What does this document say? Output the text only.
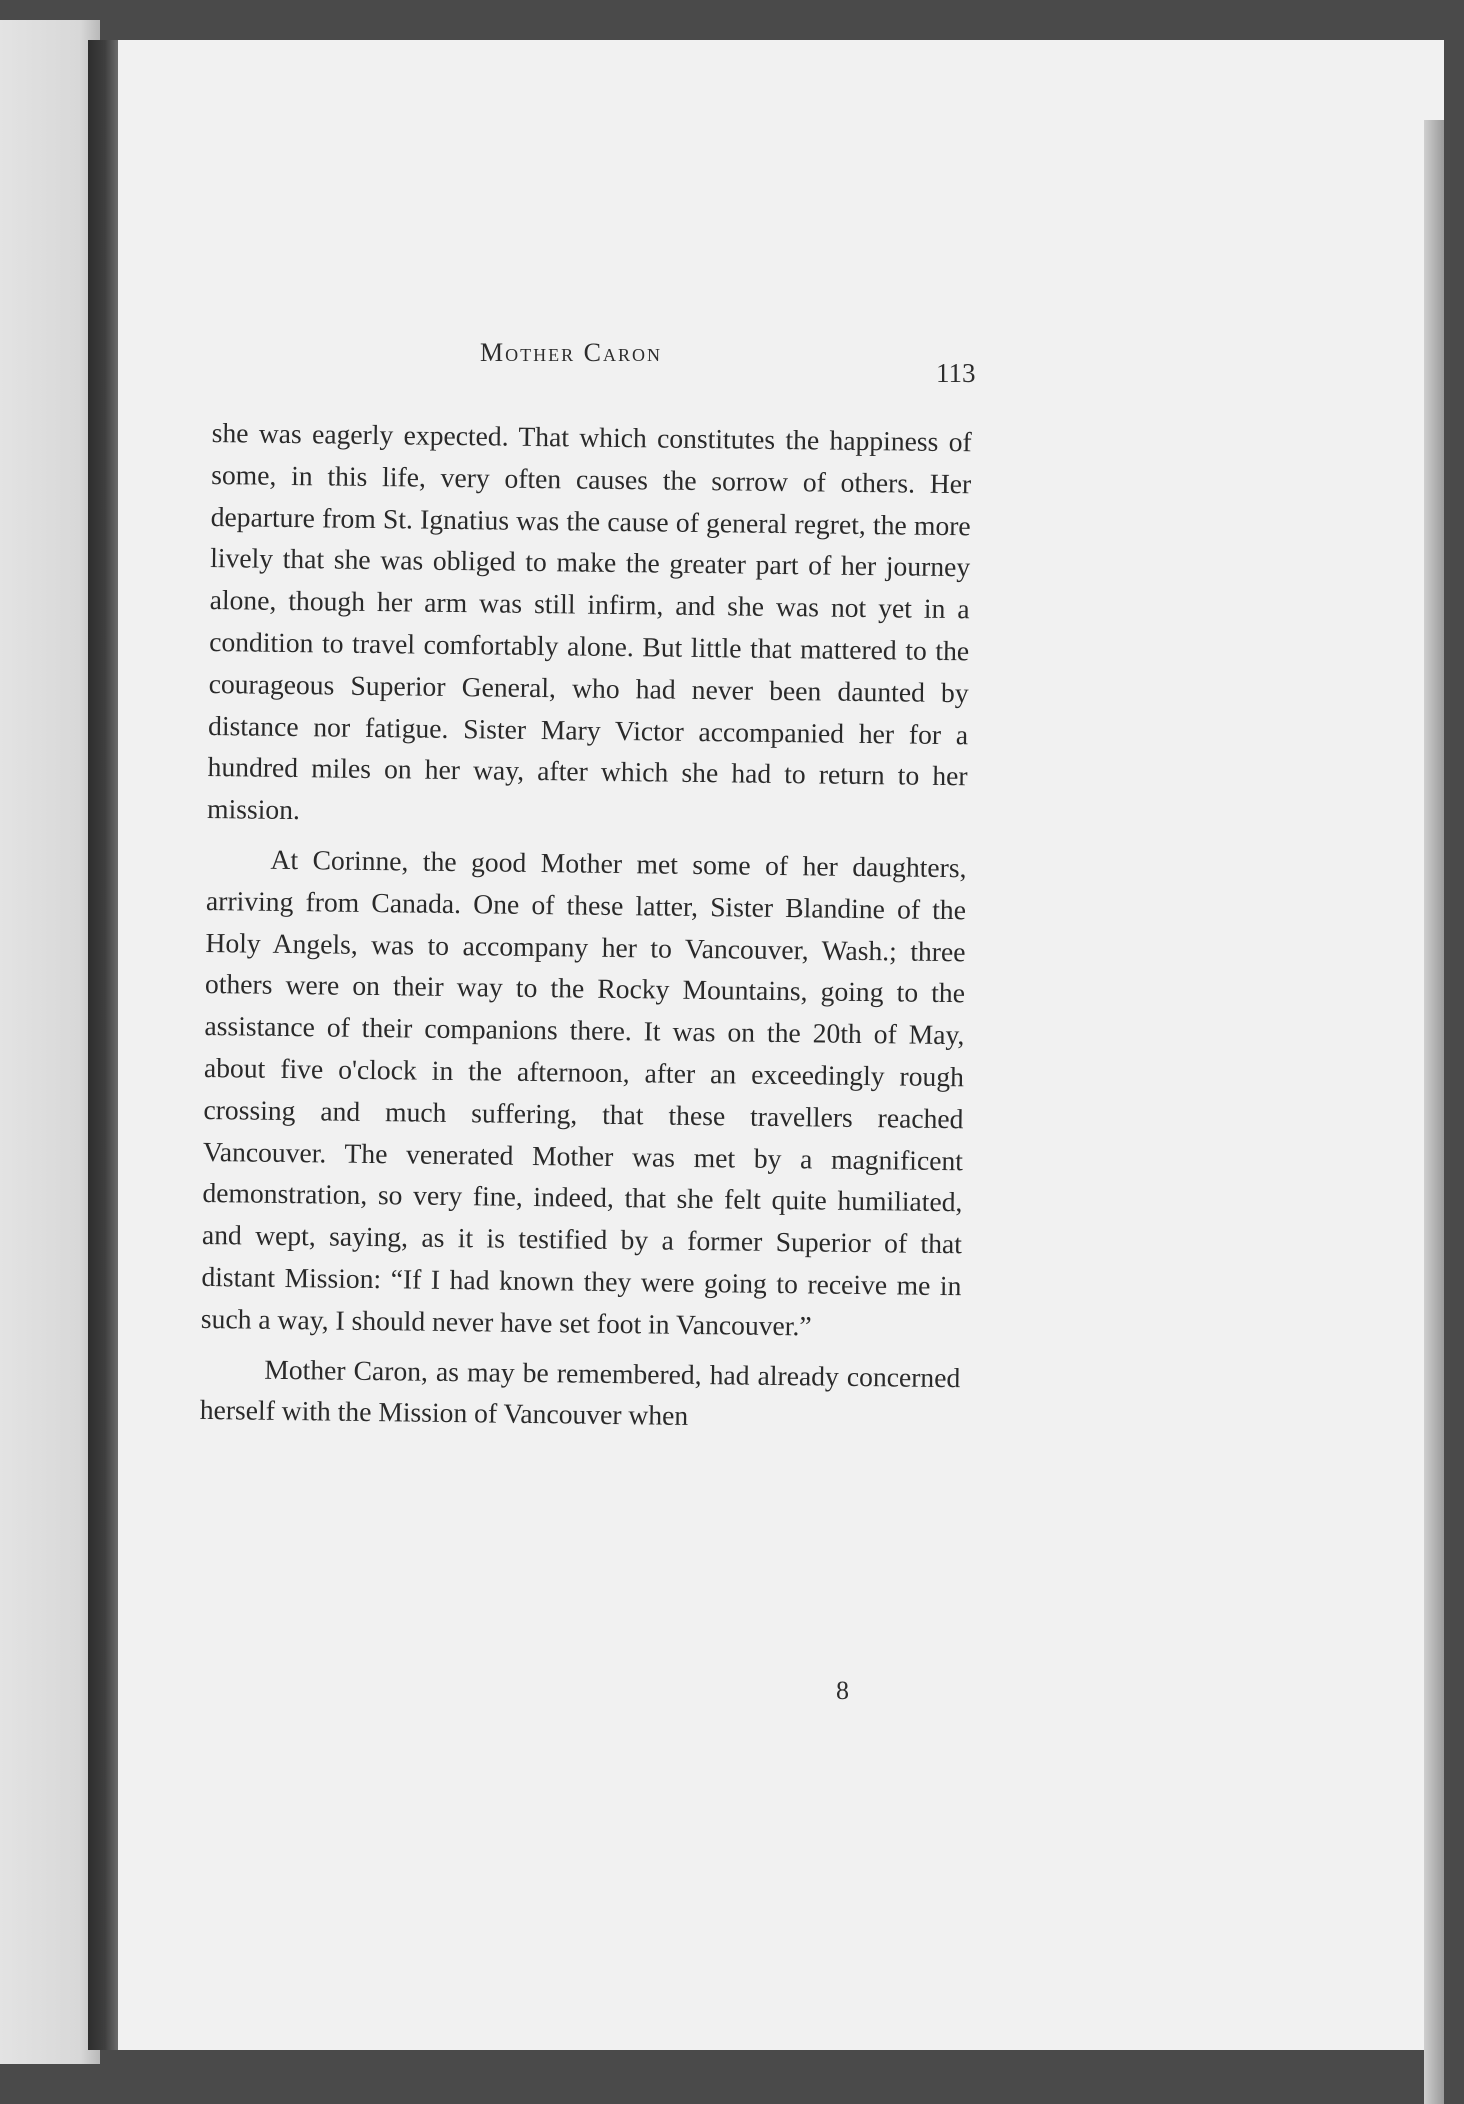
Mother Caron
113

she was eagerly expected. That which constitutes the happiness of some, in this life, very often causes the sorrow of others. Her departure from St. Ignatius was the cause of general regret, the more lively that she was obliged to make the greater part of her journey alone, though her arm was still infirm, and she was not yet in a condition to travel comfortably alone. But little that mattered to the courageous Superior General, who had never been daunted by distance nor fatigue. Sister Mary Victor accompanied her for a hundred miles on her way, after which she had to return to her mission.

At Corinne, the good Mother met some of her daughters, arriving from Canada. One of these latter, Sister Blandine of the Holy Angels, was to accompany her to Vancouver, Wash.; three others were on their way to the Rocky Mountains, going to the assistance of their companions there. It was on the 20th of May, about five o'clock in the afternoon, after an exceedingly rough crossing and much suffering, that these travellers reached Vancouver. The venerated Mother was met by a magnificent demonstration, so very fine, indeed, that she felt quite humiliated, and wept, saying, as it is testified by a former Superior of that distant Mission: “If I had known they were going to receive me in such a way, I should never have set foot in Vancouver.”

Mother Caron, as may be remembered, had already concerned herself with the Mission of Vancouver when

8
